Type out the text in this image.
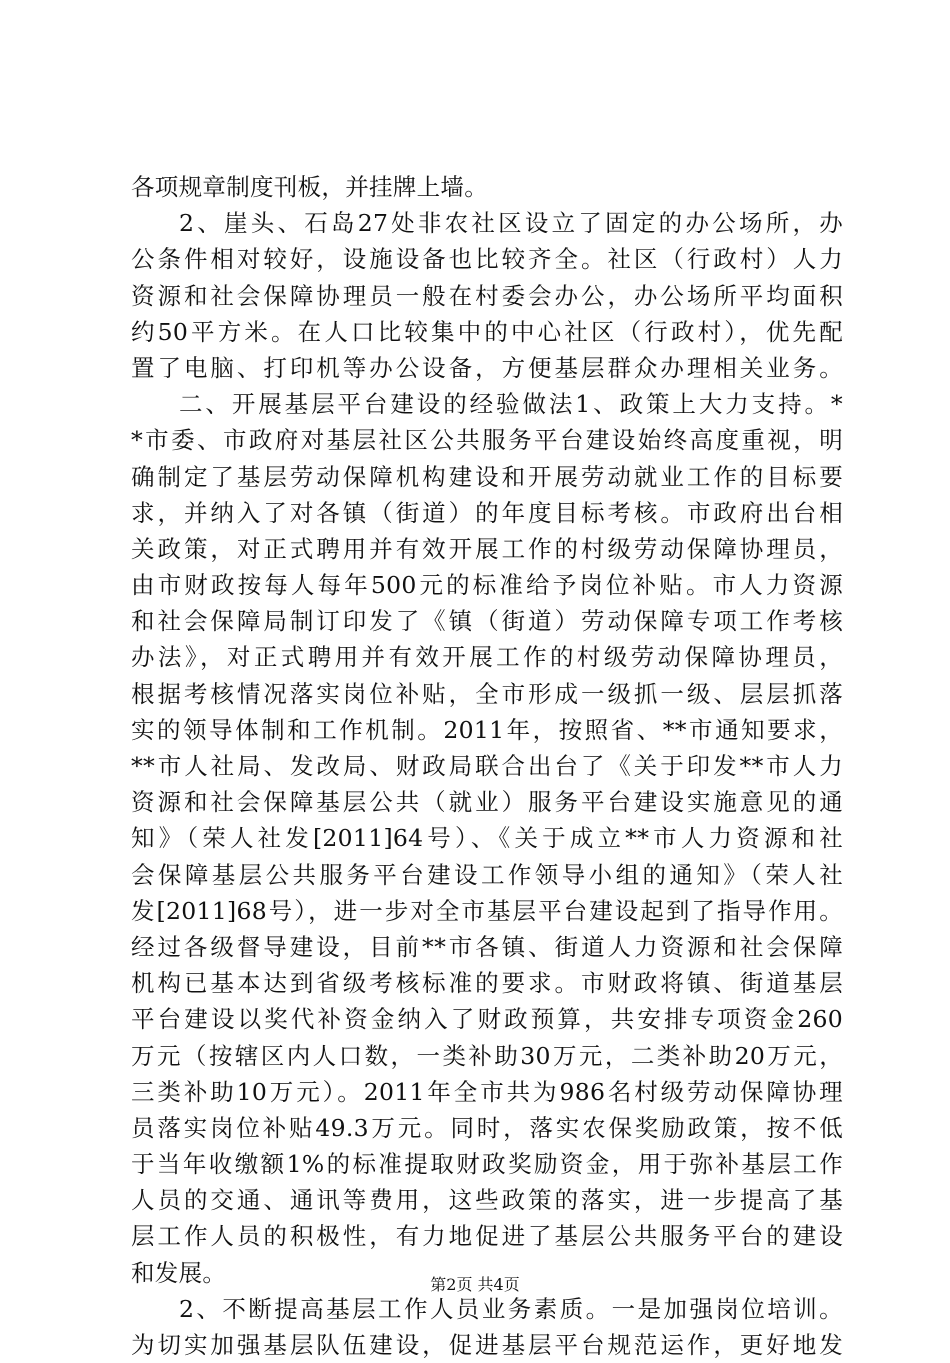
各项规章制度刊板，并挂牌上墙。
2、崖头、石岛27处非农社区设立了固定的办公场所，办
公条件相对较好，设施设备也比较齐全。社区（行政村）人力
资源和社会保障协理员一般在村委会办公，办公场所平均面积
约50平方米。在人口比较集中的中心社区（行政村），优先配
置了电脑、打印机等办公设备，方便基层群众办理相关业务。
二、开展基层平台建设的经验做法1、政策上大力支持。*
*市委、市政府对基层社区公共服务平台建设始终高度重视，明
确制定了基层劳动保障机构建设和开展劳动就业工作的目标要
求，并纳入了对各镇（街道）的年度目标考核。市政府出台相
关政策，对正式聘用并有效开展工作的村级劳动保障协理员，
由市财政按每人每年500元的标准给予岗位补贴。市人力资源
和社会保障局制订印发了《镇（街道）劳动保障专项工作考核
办法》，对正式聘用并有效开展工作的村级劳动保障协理员，
根据考核情况落实岗位补贴，全市形成一级抓一级、层层抓落
实的领导体制和工作机制。2011年，按照省、**市通知要求，
**市人社局、发改局、财政局联合出台了《关于印发**市人力
资源和社会保障基层公共（就业）服务平台建设实施意见的通
知》（荣人社发[2011]64号）、《关于成立**市人力资源和社
会保障基层公共服务平台建设工作领导小组的通知》（荣人社
发[2011]68号），进一步对全市基层平台建设起到了指导作用。
经过各级督导建设，目前**市各镇、街道人力资源和社会保障
机构已基本达到省级考核标准的要求。市财政将镇、街道基层
平台建设以奖代补资金纳入了财政预算，共安排专项资金260
万元（按辖区内人口数，一类补助30万元，二类补助20万元，
三类补助10万元）。2011年全市共为986名村级劳动保障协理
员落实岗位补贴49.3万元。同时，落实农保奖励政策，按不低
于当年收缴额1%的标准提取财政奖励资金，用于弥补基层工作
人员的交通、通讯等费用，这些政策的落实，进一步提高了基
层工作人员的积极性，有力地促进了基层公共服务平台的建设
和发展。
2、不断提高基层工作人员业务素质。一是加强岗位培训。
为切实加强基层队伍建设，促进基层平台规范运作，更好地发
第2页 共4页
